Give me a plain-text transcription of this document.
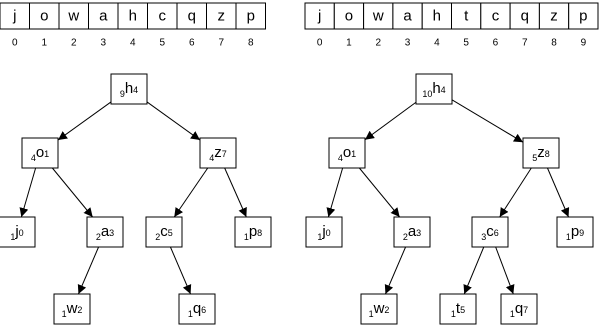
j
0
o
1
w
2
a
3
h
4
c
5
q
6
z
7
p
8
$_9$h4
$_4$o1	$_4$z7
$_1$j0	$_2$a3	$_2$c5	$_1$p8
$_1$w2	$_1$q6
j
0
o
1
w
2
a
3
h
4
t
5
c
6
q
7
z
8
p
9
$_{10}$h4
$_4$o1	$_5$z8
$_1$j0	$_2$a3	$_3$c6	$_1$p9
$_1$w2	$_1$t5	$_1$q7
